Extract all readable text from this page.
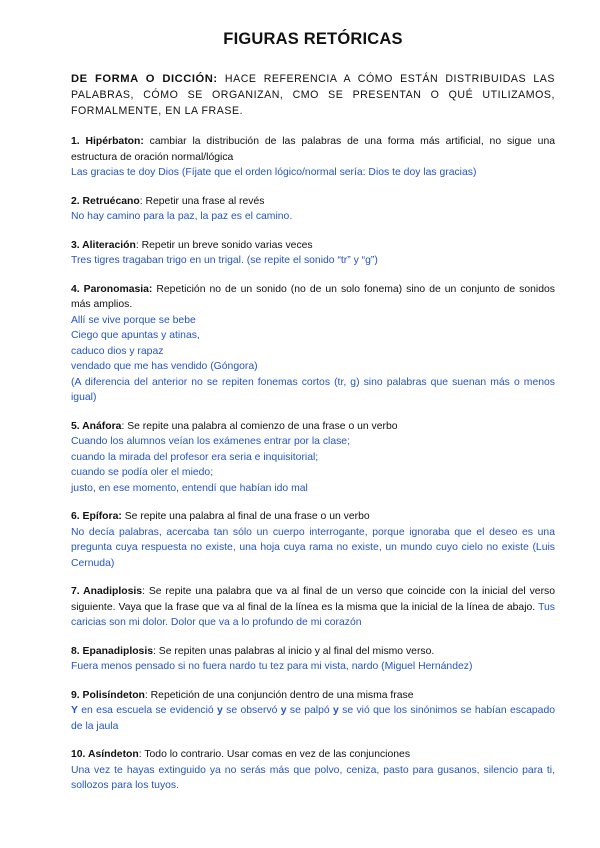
FIGURAS RETÓRICAS

DE FORMA O DICCIÓN: HACE REFERENCIA A CÓMO ESTÁN DISTRIBUIDAS LAS PALABRAS, CÓMO SE ORGANIZAN, CMO SE PRESENTAN O QUÉ UTILIZAMOS, FORMALMENTE, EN LA FRASE.

1. Hipérbaton: cambiar la distribución de las palabras de una forma más artificial, no sigue una estructura de oración normal/lógica

Las gracias te doy Dios (Fíjate que el orden lógico/normal sería: Dios te doy las gracias)

2. Retruécano: Repetir una frase al revés

No hay camino para la paz, la paz es el camino.

3. Aliteración: Repetir un breve sonido varias veces

Tres tigres tragaban trigo en un trigal. (se repite el sonido “tr” y “g”)

4. Paronomasia: Repetición no de un sonido (no de un solo fonema) sino de un conjunto de sonidos más amplios.

Allí se vive porque se bebe

Ciego que apuntas y atinas,

caduco dios y rapaz

vendado que me has vendido (Góngora)

(A diferencia del anterior no se repiten fonemas cortos (tr, g) sino palabras que suenan más o menos igual)

5. Anáfora: Se repite una palabra al comienzo de una frase o un verbo

Cuando los alumnos veían los exámenes entrar por la clase;

cuando la mirada del profesor era seria e inquisitorial;

cuando se podía oler el miedo;

justo, en ese momento, entendí que habían ido mal

6. Epífora: Se repite una palabra al final de una frase o un verbo

No decía palabras, acercaba tan sólo un cuerpo interrogante, porque ignoraba que el deseo es una pregunta cuya respuesta no existe, una hoja cuya rama no existe, un mundo cuyo cielo no existe (Luis Cernuda)

7. Anadiplosis: Se repite una palabra que va al final de un verso que coincide con la inicial del verso siguiente. Vaya que la frase que va al final de la línea es la misma que la inicial de la línea de abajo. Tus caricias son mi dolor. Dolor que va a lo profundo de mi corazón

8. Epanadiplosis: Se repiten unas palabras al inicio y al final del mismo verso.

Fuera menos pensado si no fuera nardo tu tez para mi vista, nardo (Miguel Hernández)

9. Polisíndeton: Repetición de una conjunción dentro de una misma frase

Y en esa escuela se evidenció y se observó y se palpó y se vió que los sinónimos se habían escapado de la jaula

10. Asíndeton: Todo lo contrario. Usar comas en vez de las conjunciones

Una vez te hayas extinguido ya no serás más que polvo, ceniza, pasto para gusanos, silencio para ti, sollozos para los tuyos.
